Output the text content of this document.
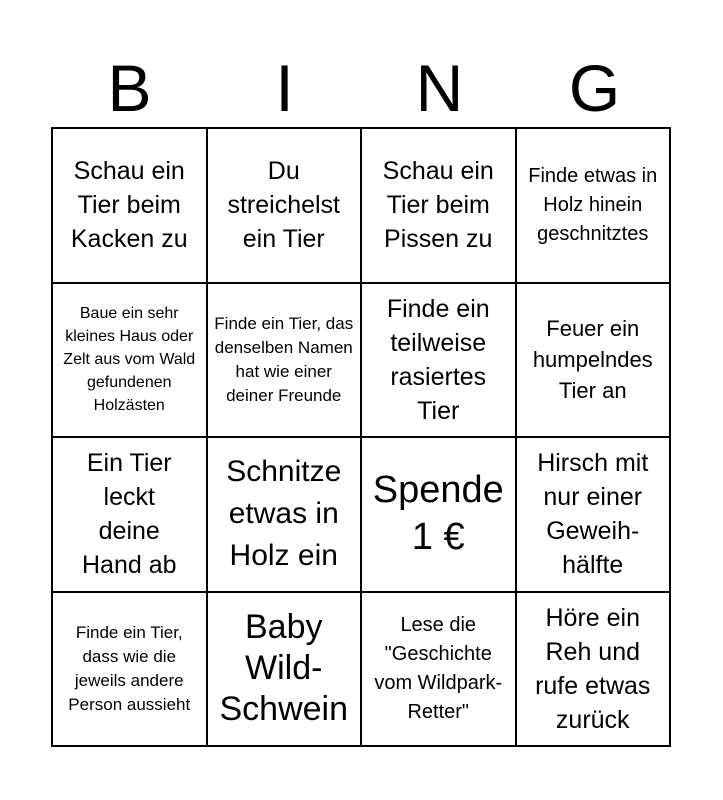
B	I	N	G
Schau ein Tier beim Kacken zu
Du streichelst ein Tier
Schau ein Tier beim Pissen zu
Finde etwas in Holz hinein geschnitztes
Baue ein sehr kleines Haus oder Zelt aus vom Wald gefundenen Holzästen
Finde ein Tier, das denselben Namen hat wie einer deiner Freunde
Finde ein teilweise rasiertes Tier
Feuer ein humpelndes Tier an
Ein Tier leckt deine Hand ab
Schnitze etwas in Holz ein
Spende 1 €
Hirsch mit nur einer Geweih-hälfte
Finde ein Tier, dass wie die jeweils andere Person aussieht
Baby Wild-Schwein
Lese die "Geschichte vom Wildpark-Retter"
Höre ein Reh und rufe etwas zurück
